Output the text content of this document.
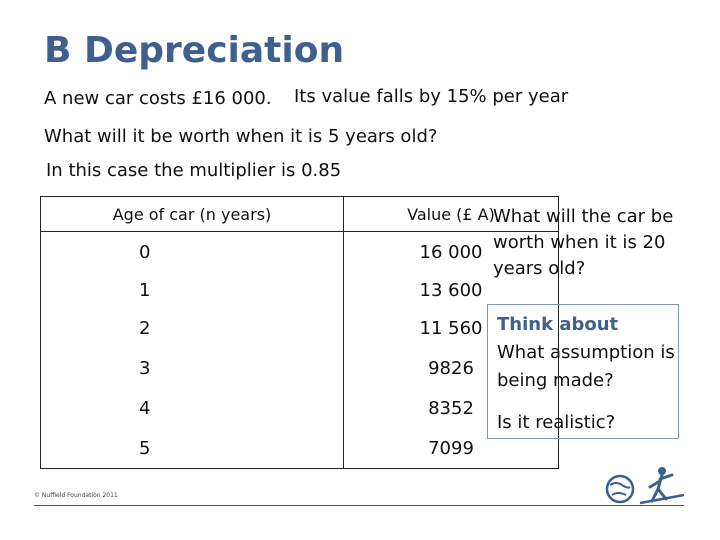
B Depreciation
A new car costs £16 000. Its value falls by 15% per year
What will it be worth when it is 5 years old?
In this case the multiplier is 0.85
Age of car (n years)	Value (£ A)
0	16 000
1	13 600
2	11 560
3	9826
4	8352
5	7099
What will the car be worth when it is 20 years old?
Think about
What assumption is being made?
Is it realistic?
© Nuffield Foundation 2011
